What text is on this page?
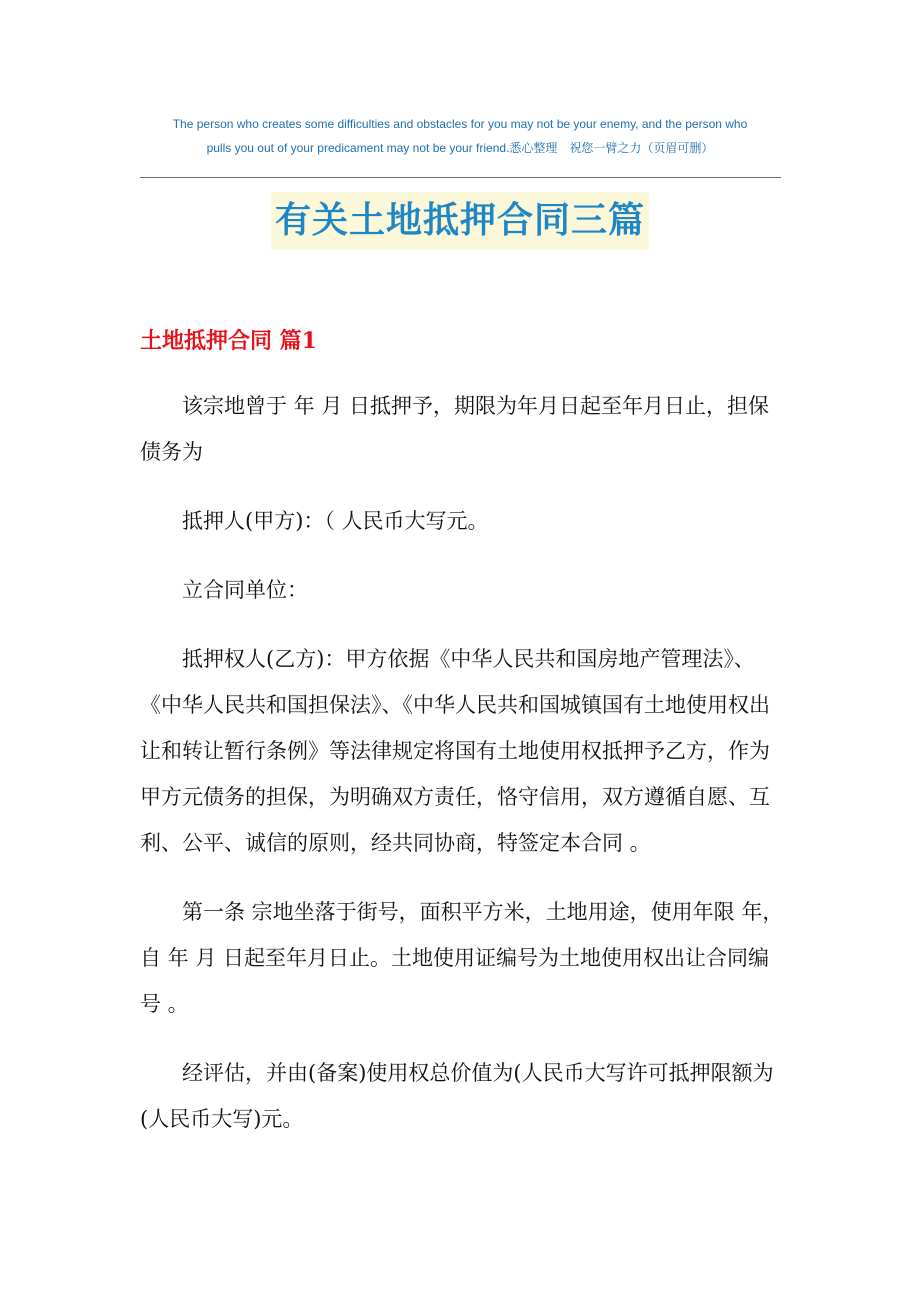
The person who creates some difficulties and obstacles for you may not be your enemy, and the person who
pulls you out of your predicament may not be your friend.悉心整理　祝您一臂之力（页眉可删）
有关土地抵押合同三篇
土地抵押合同 篇1

该宗地曾于 年 月 日抵押予，期限为年月日起至年月日止，担保债务为

抵押人(甲方)：（ 人民币大写元。

立合同单位：

抵押权人(乙方)：甲方依据《中华人民共和国房地产管理法》、《中华人民共和国担保法》、《中华人民共和国城镇国有土地使用权出让和转让暂行条例》等法律规定将国有土地使用权抵押予乙方，作为甲方元债务的担保，为明确双方责任，恪守信用，双方遵循自愿、互利、公平、诚信的原则，经共同协商，特签定本合同 。

第一条 宗地坐落于街号，面积平方米，土地用途，使用年限 年，自 年 月 日起至年月日止。土地使用证编号为土地使用权出让合同编号 。

经评估，并由(备案)使用权总价值为(人民币大写许可抵押限额为(人民币大写)元。
